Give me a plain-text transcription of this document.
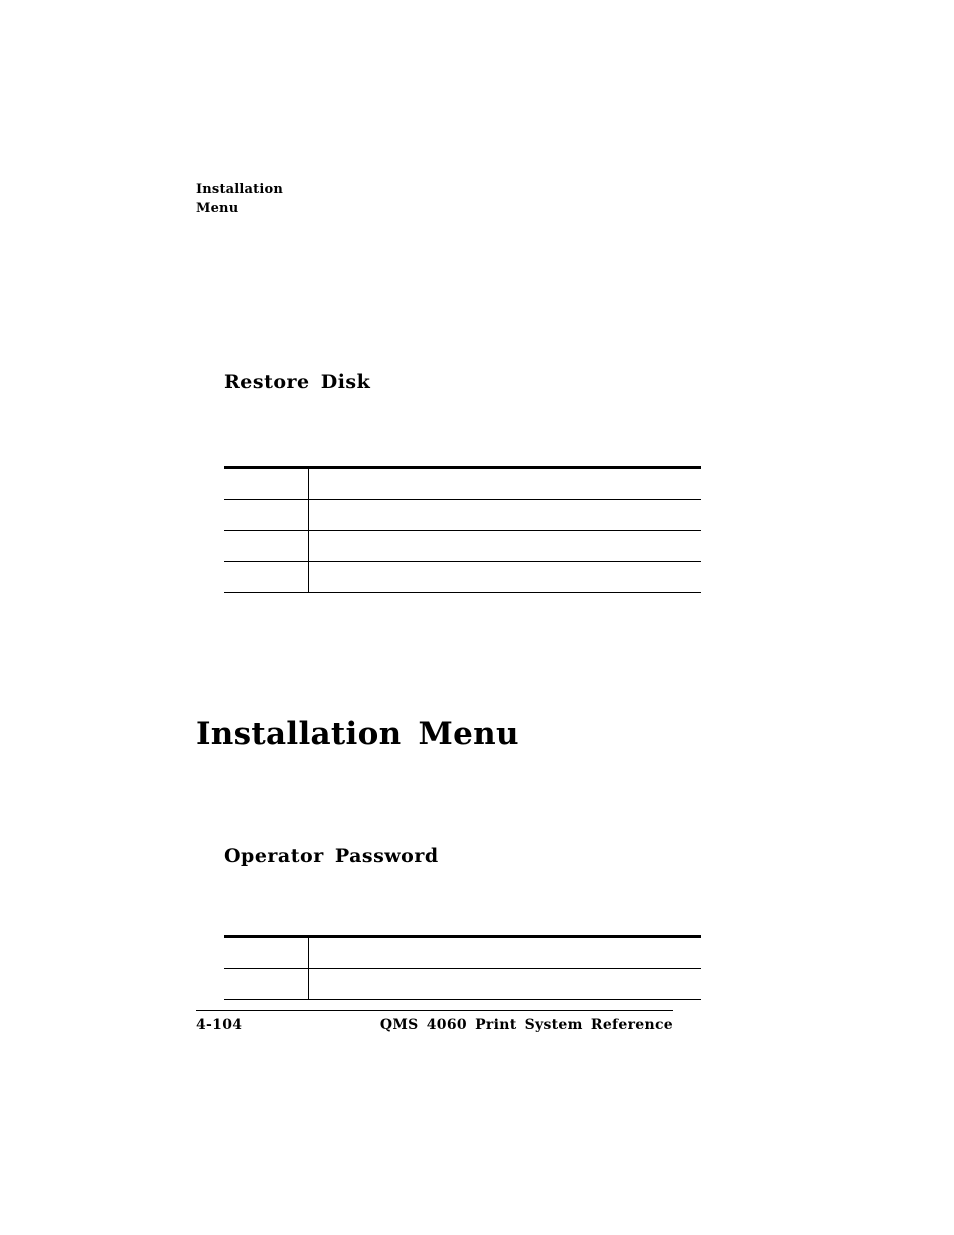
Installation
Menu
Restore Disk

Installation Menu
Operator Password

4-104	QMS 4060 Print System Reference
